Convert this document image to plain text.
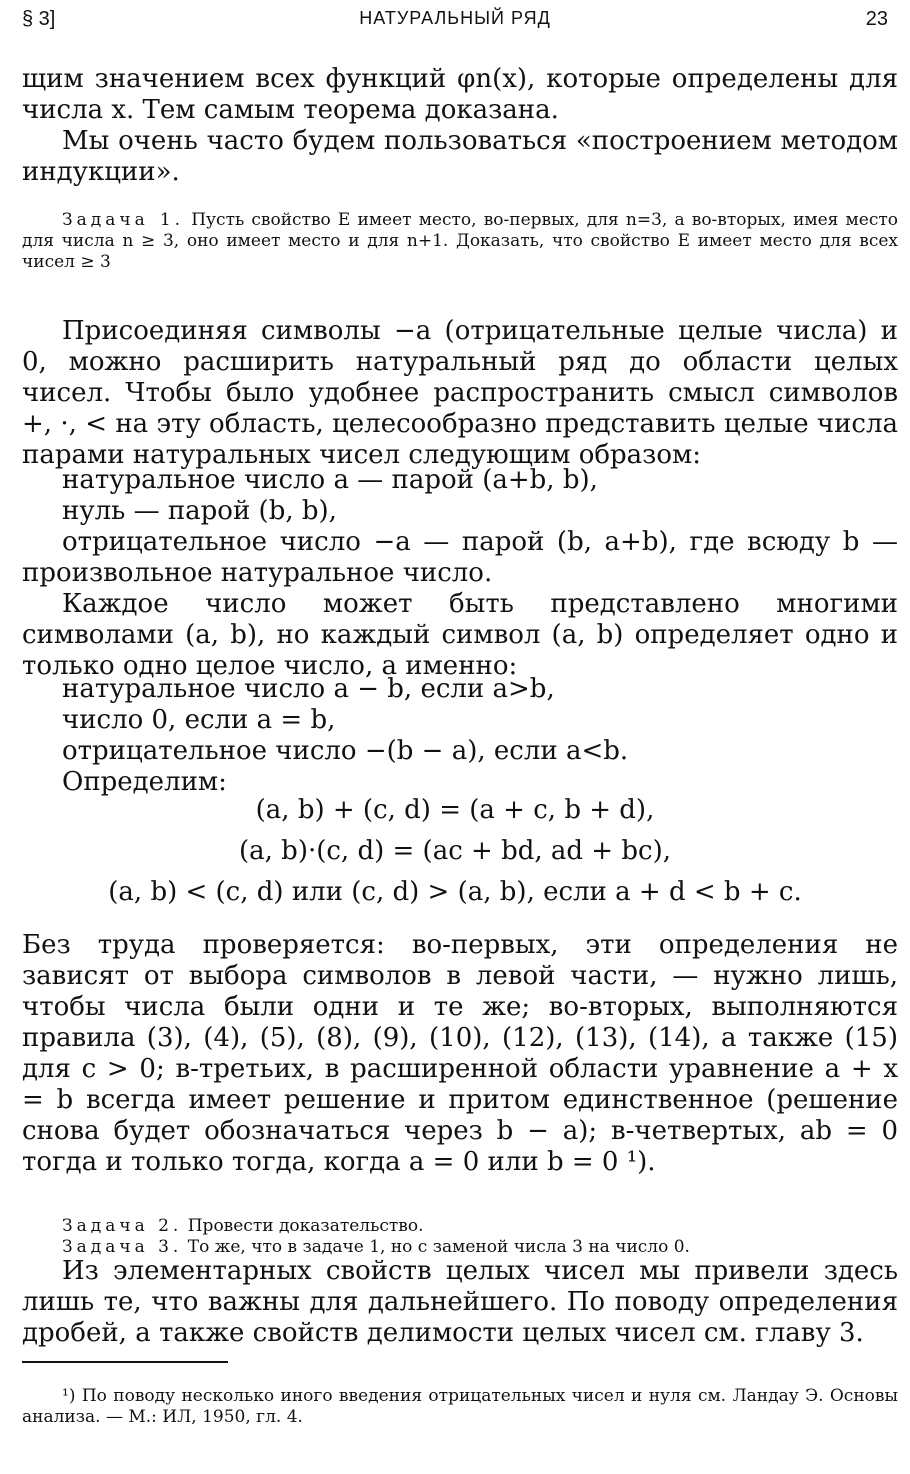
§ 3]	НАТУРАЛЬНЫЙ РЯД	23

щим значением всех функций φn(x), которые определены для числа x. Тем самым теорема доказана.

Мы очень часто будем пользоваться «построением методом индукции».

Задача 1. Пусть свойство E имеет место, во-первых, для n=3, а во-вторых, имея место для числа n ≥ 3, оно имеет место и для n+1. Доказать, что свойство E имеет место для всех чисел ≥ 3

Присоединяя символы −a (отрицательные целые числа) и 0, можно расширить натуральный ряд до области целых чисел. Чтобы было удобнее распространить смысл символов +, ·, < на эту область, целесообразно представить целые числа парами натуральных чисел следующим образом:

натуральное число a — парой (a+b, b),
нуль — парой (b, b),

отрицательное число −a — парой (b, a+b), где всюду b — произвольное натуральное число.

Каждое число может быть представлено многими символами (a, b), но каждый символ (a, b) определяет одно и только одно целое число, а именно:

натуральное число a − b, если a>b,
число 0, если a = b,
отрицательное число −(b − a), если a<b.
Определим:
(a, b) + (c, d) = (a + c, b + d),
(a, b)·(c, d) = (ac + bd, ad + bc),
(a, b) < (c, d) или (c, d) > (a, b), если a + d < b + c.

Без труда проверяется: во-первых, эти определения не зависят от выбора символов в левой части, — нужно лишь, чтобы числа были одни и те же; во-вторых, выполняются правила (3), (4), (5), (8), (9), (10), (12), (13), (14), а также (15) для c > 0; в-третьих, в расширенной области уравнение a + x = b всегда имеет решение и притом единственное (решение снова будет обозначаться через b − a); в-четвертых, ab = 0 тогда и только тогда, когда a = 0 или b = 0 ¹).

Задача 2. Провести доказательство.

Задача 3. То же, что в задаче 1, но с заменой числа 3 на число 0.

Из элементарных свойств целых чисел мы привели здесь лишь те, что важны для дальнейшего. По поводу определения дробей, а также свойств делимости целых чисел см. главу 3.

¹) По поводу несколько иного введения отрицательных чисел и нуля см. Ландау Э. Основы анализа. — М.: ИЛ, 1950, гл. 4.
